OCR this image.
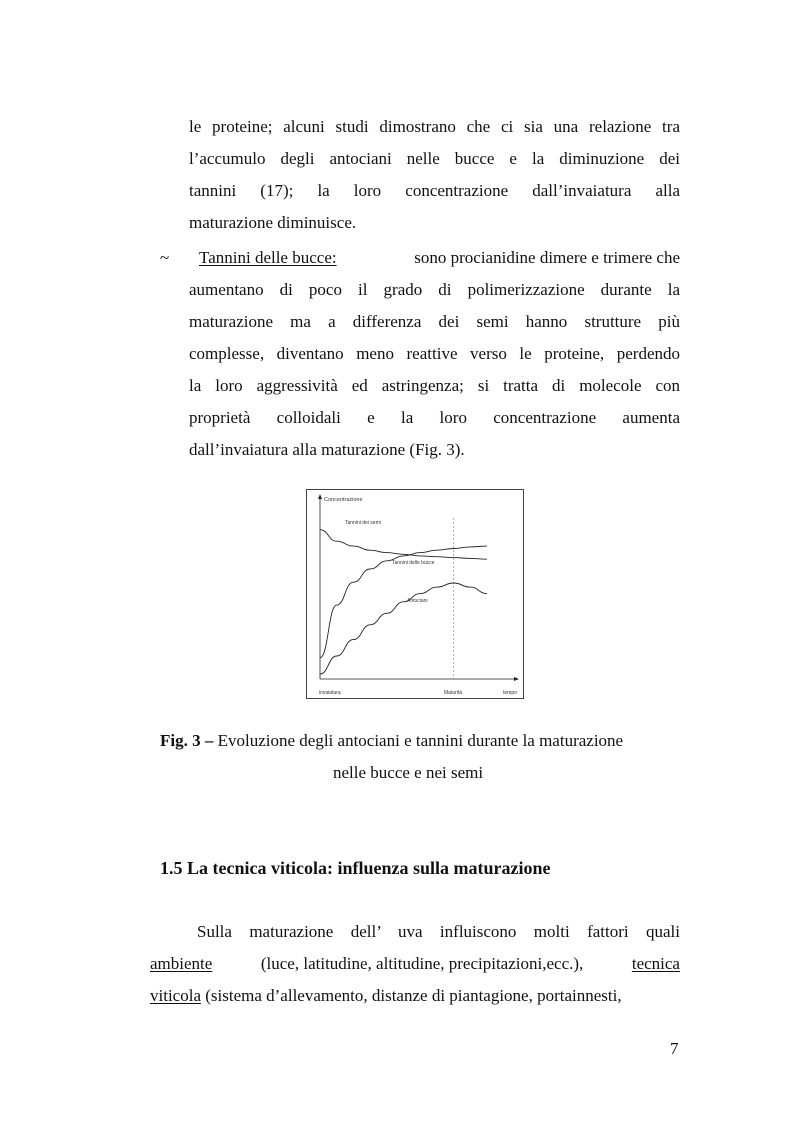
le proteine; alcuni studi dimostrano che ci sia una relazione tra
l’accumulo degli antociani nelle bucce e la diminuzione dei
tannini (17); la loro concentrazione dall’invaiatura alla
maturazione diminuisce.
~ Tannini delle bucce:	sono procianidine dimere e trimere che
aumentano di poco il grado di polimerizzazione durante la
maturazione ma a differenza dei semi hanno strutture più
complesse, diventano meno reattive verso le proteine, perdendo
la loro aggressività ed astringenza; si tratta di molecole con
proprietà colloidali e la loro concentrazione aumenta
dall’invaiatura alla maturazione (Fig. 3).
Concentrazione
tempo
invaiatura	Maturità
Tannini dei semi
Tannini delle bucce
Antociani
Fig. 3 – Evoluzione degli antociani e tannini durante la maturazione
nelle bucce e nei semi
1.5 La tecnica viticola: influenza sulla maturazione
Sulla maturazione dell’ uva influiscono molti fattori quali
ambiente	(luce, latitudine, altitudine, precipitazioni,ecc.),	tecnica
viticola (sistema d’allevamento, distanze di piantagione, portainnesti,
7
